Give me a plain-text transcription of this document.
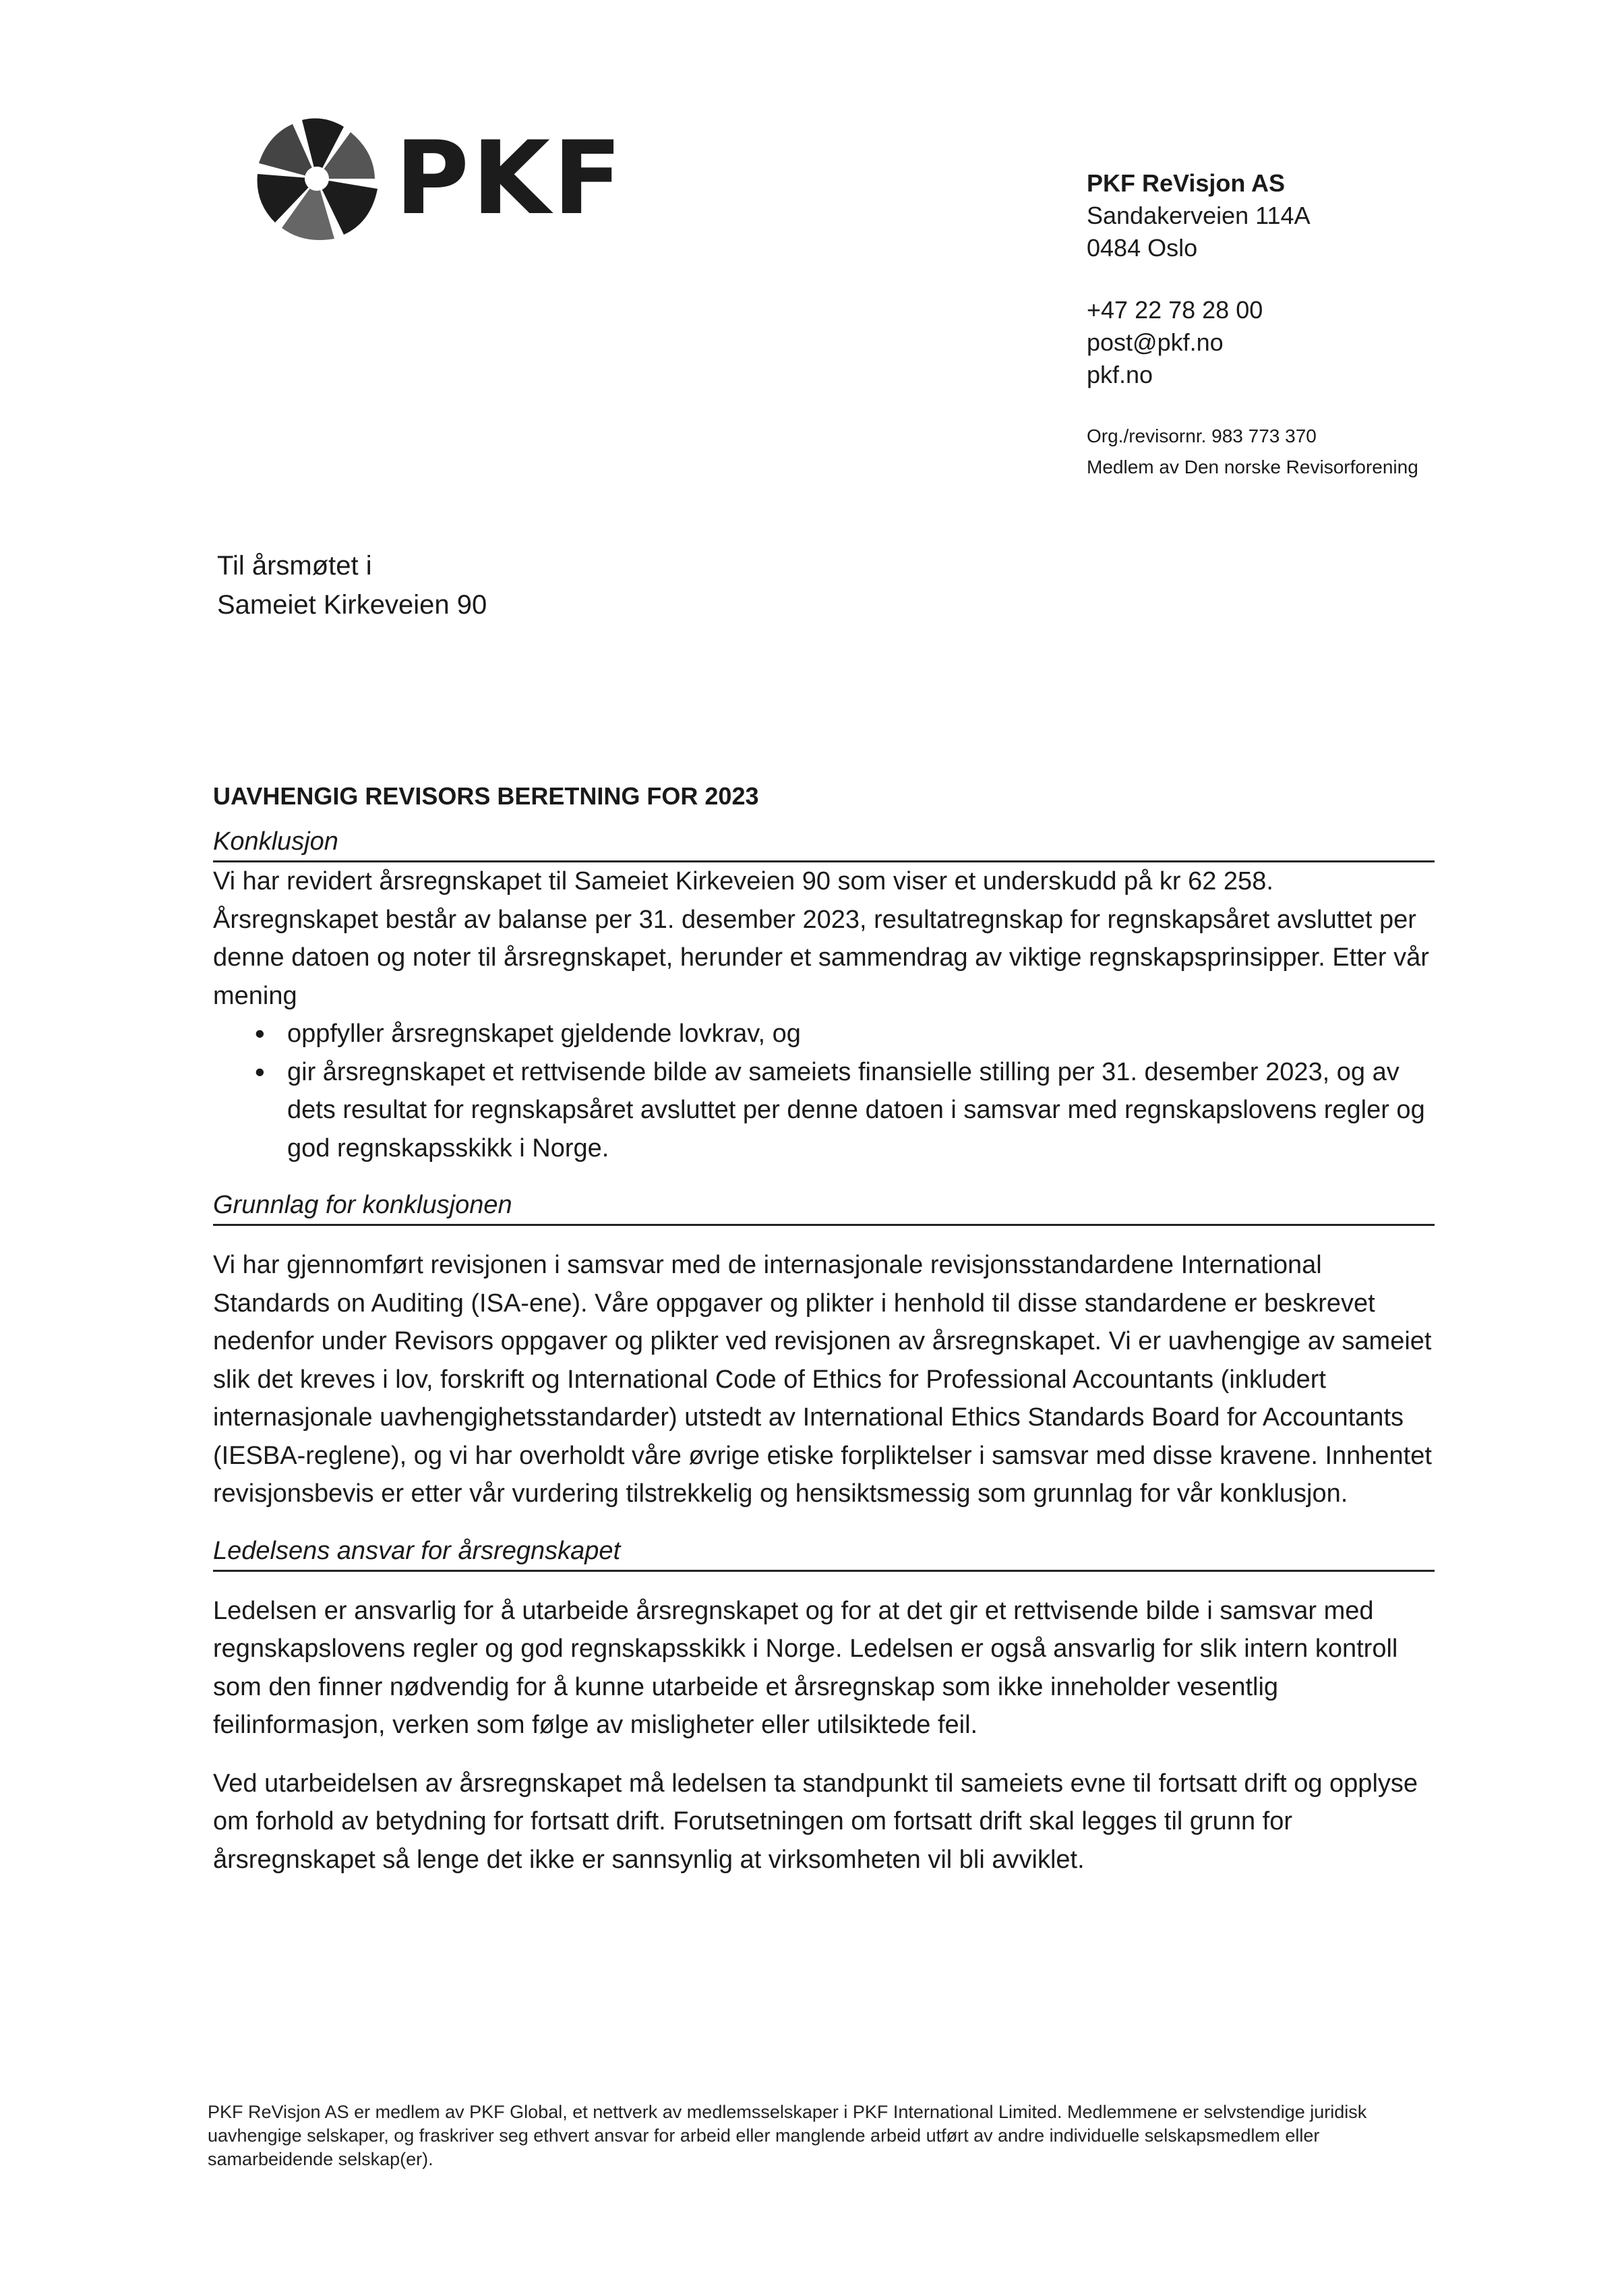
PKF	PKF ReVisjon AS
Sandakerveien 114A
0484 Oslo
+47 22 78 28 00
post@pkf.no
pkf.no
Org./revisornr. 983 773 370
Medlem av Den norske Revisorforening
Til årsmøtet i
Sameiet Kirkeveien 90

UAVHENGIG REVISORS BERETNING FOR 2023

Konklusjon

Vi har revidert årsregnskapet til Sameiet Kirkeveien 90 som viser et underskudd på kr 62 258. Årsregnskapet består av balanse per 31. desember 2023, resultatregnskap for regnskapsåret avsluttet per denne datoen og noter til årsregnskapet, herunder et sammendrag av viktige regnskapsprinsipper. Etter vår mening

• oppfyller årsregnskapet gjeldende lovkrav, og
• gir årsregnskapet et rettvisende bilde av sameiets finansielle stilling per 31. desember 2023, og av dets resultat for regnskapsåret avsluttet per denne datoen i samsvar med regnskapslovens regler og god regnskapsskikk i Norge.

Grunnlag for konklusjonen

Vi har gjennomført revisjonen i samsvar med de internasjonale revisjonsstandardene International Standards on Auditing (ISA-ene). Våre oppgaver og plikter i henhold til disse standardene er beskrevet nedenfor under Revisors oppgaver og plikter ved revisjonen av årsregnskapet. Vi er uavhengige av sameiet slik det kreves i lov, forskrift og International Code of Ethics for Professional Accountants (inkludert internasjonale uavhengighetsstandarder) utstedt av International Ethics Standards Board for Accountants (IESBA-reglene), og vi har overholdt våre øvrige etiske forpliktelser i samsvar med disse kravene. Innhentet revisjonsbevis er etter vår vurdering tilstrekkelig og hensiktsmessig som grunnlag for vår konklusjon.

Ledelsens ansvar for årsregnskapet

Ledelsen er ansvarlig for å utarbeide årsregnskapet og for at det gir et rettvisende bilde i samsvar med regnskapslovens regler og god regnskapsskikk i Norge. Ledelsen er også ansvarlig for slik intern kontroll som den finner nødvendig for å kunne utarbeide et årsregnskap som ikke inneholder vesentlig feilinformasjon, verken som følge av misligheter eller utilsiktede feil.

Ved utarbeidelsen av årsregnskapet må ledelsen ta standpunkt til sameiets evne til fortsatt drift og opplyse om forhold av betydning for fortsatt drift. Forutsetningen om fortsatt drift skal legges til grunn for årsregnskapet så lenge det ikke er sannsynlig at virksomheten vil bli avviklet.

PKF ReVisjon AS er medlem av PKF Global, et nettverk av medlemsselskaper i PKF International Limited. Medlemmene er selvstendige juridisk uavhengige selskaper, og fraskriver seg ethvert ansvar for arbeid eller manglende arbeid utført av andre individuelle selskapsmedlem eller samarbeidende selskap(er).
